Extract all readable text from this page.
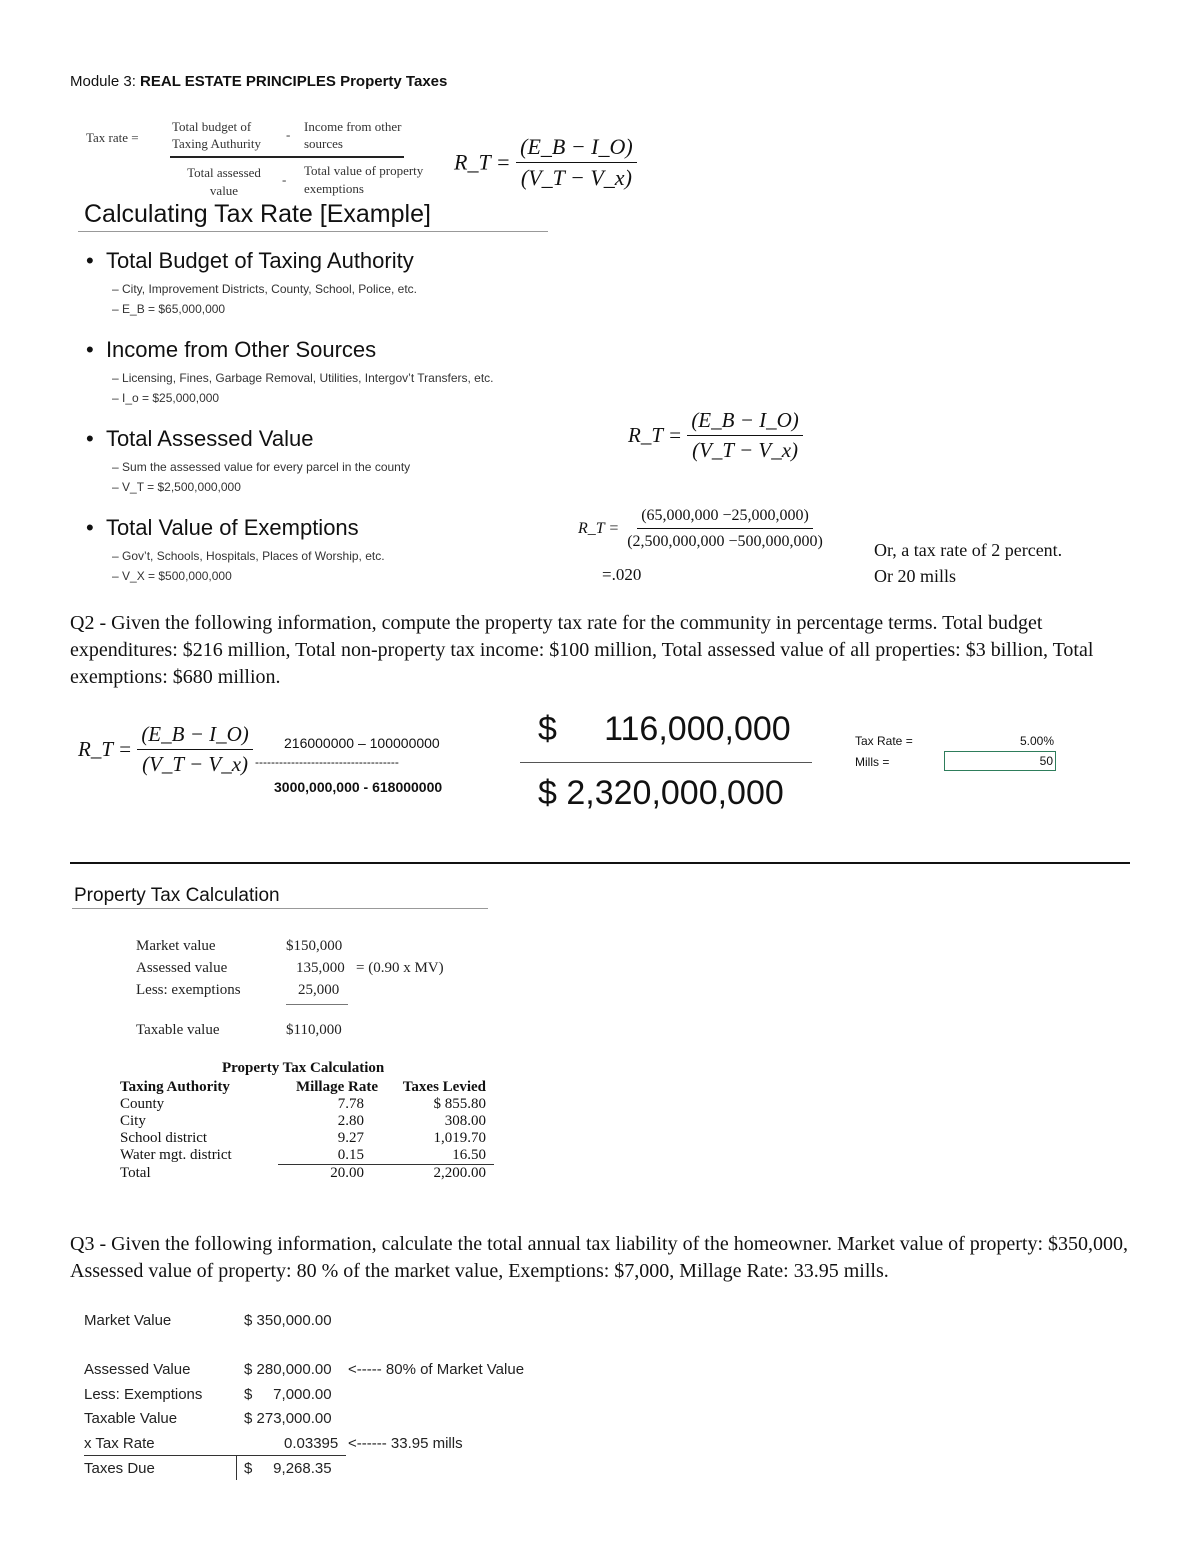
Module 3: REAL ESTATE PRINCIPLES Property Taxes
Tax rate =
Total budget of Taxing Authurity
-
Income from other sources
Total assessed value
-
Total value of property exemptions
R_T = $\frac{(E\_B - I\_O)}{(V\_T - V\_x)}$
Calculating Tax Rate [Example]
•  Total Budget of Taxing Authority
– City, Improvement Districts, County, School, Police, etc.
– E_B = $65,000,000
•  Income from Other Sources
– Licensing, Fines, Garbage Removal, Utilities, Intergov’t Transfers, etc.
– I_o = $25,000,000
•  Total Assessed Value
– Sum the assessed value for every parcel in the county
– V_T = $2,500,000,000
•  Total Value of Exemptions
– Gov’t, Schools, Hospitals, Places of Worship, etc.
– V_X = $500,000,000
R_T = $\frac{(E\_B - I\_O)}{(V\_T - V\_x)}$
R_T = $\frac{(65,000,000 -25,000,000)}{(2,500,000,000 -500,000,000)}$
=.020
Or, a tax rate of 2 percent.
Or 20 mills
Q2 - Given the following information, compute the property tax rate for the community in percentage terms. Total budget expenditures: $216 million, Total non-property tax income: $100 million, Total assessed value of all properties: $3 billion, Total exemptions: $680 million.
R_T = $\frac{(E\_B - I\_O)}{(V\_T - V\_x)} 216000000 - 100000000$
------------------------------------
3000,000,000 - 618000000
$     116,000,000
$ 2,320,000,000
Tax Rate =	5.00%
Mills =	50
Property Tax Calculation
Market value	$150,000
Assessed value	135,000 = (0.90 x MV)
Less: exemptions	25,000
Taxable value	$110,000
Property Tax Calculation
Taxing Authority	Millage Rate	Taxes Levied
County	7.78	$ 855.80
City	2.80	308.00
School district	9.27	1,019.70
Water mgt. district	0.15	16.50
Total	20.00	2,200.00
Q3 - Given the following information, calculate the total annual tax liability of the homeowner. Market value of property: $350,000, Assessed value of property: 80 % of the market value, Exemptions: $7,000, Millage Rate: 33.95 mills.
Market Value	$ 350,000.00
Assessed Value	$ 280,000.00 <----- 80% of Market Value
Less: Exemptions	$     7,000.00
Taxable Value	$ 273,000.00
x Tax Rate	0.03395 <------ 33.95 mills
Taxes Due	$     9,268.35
